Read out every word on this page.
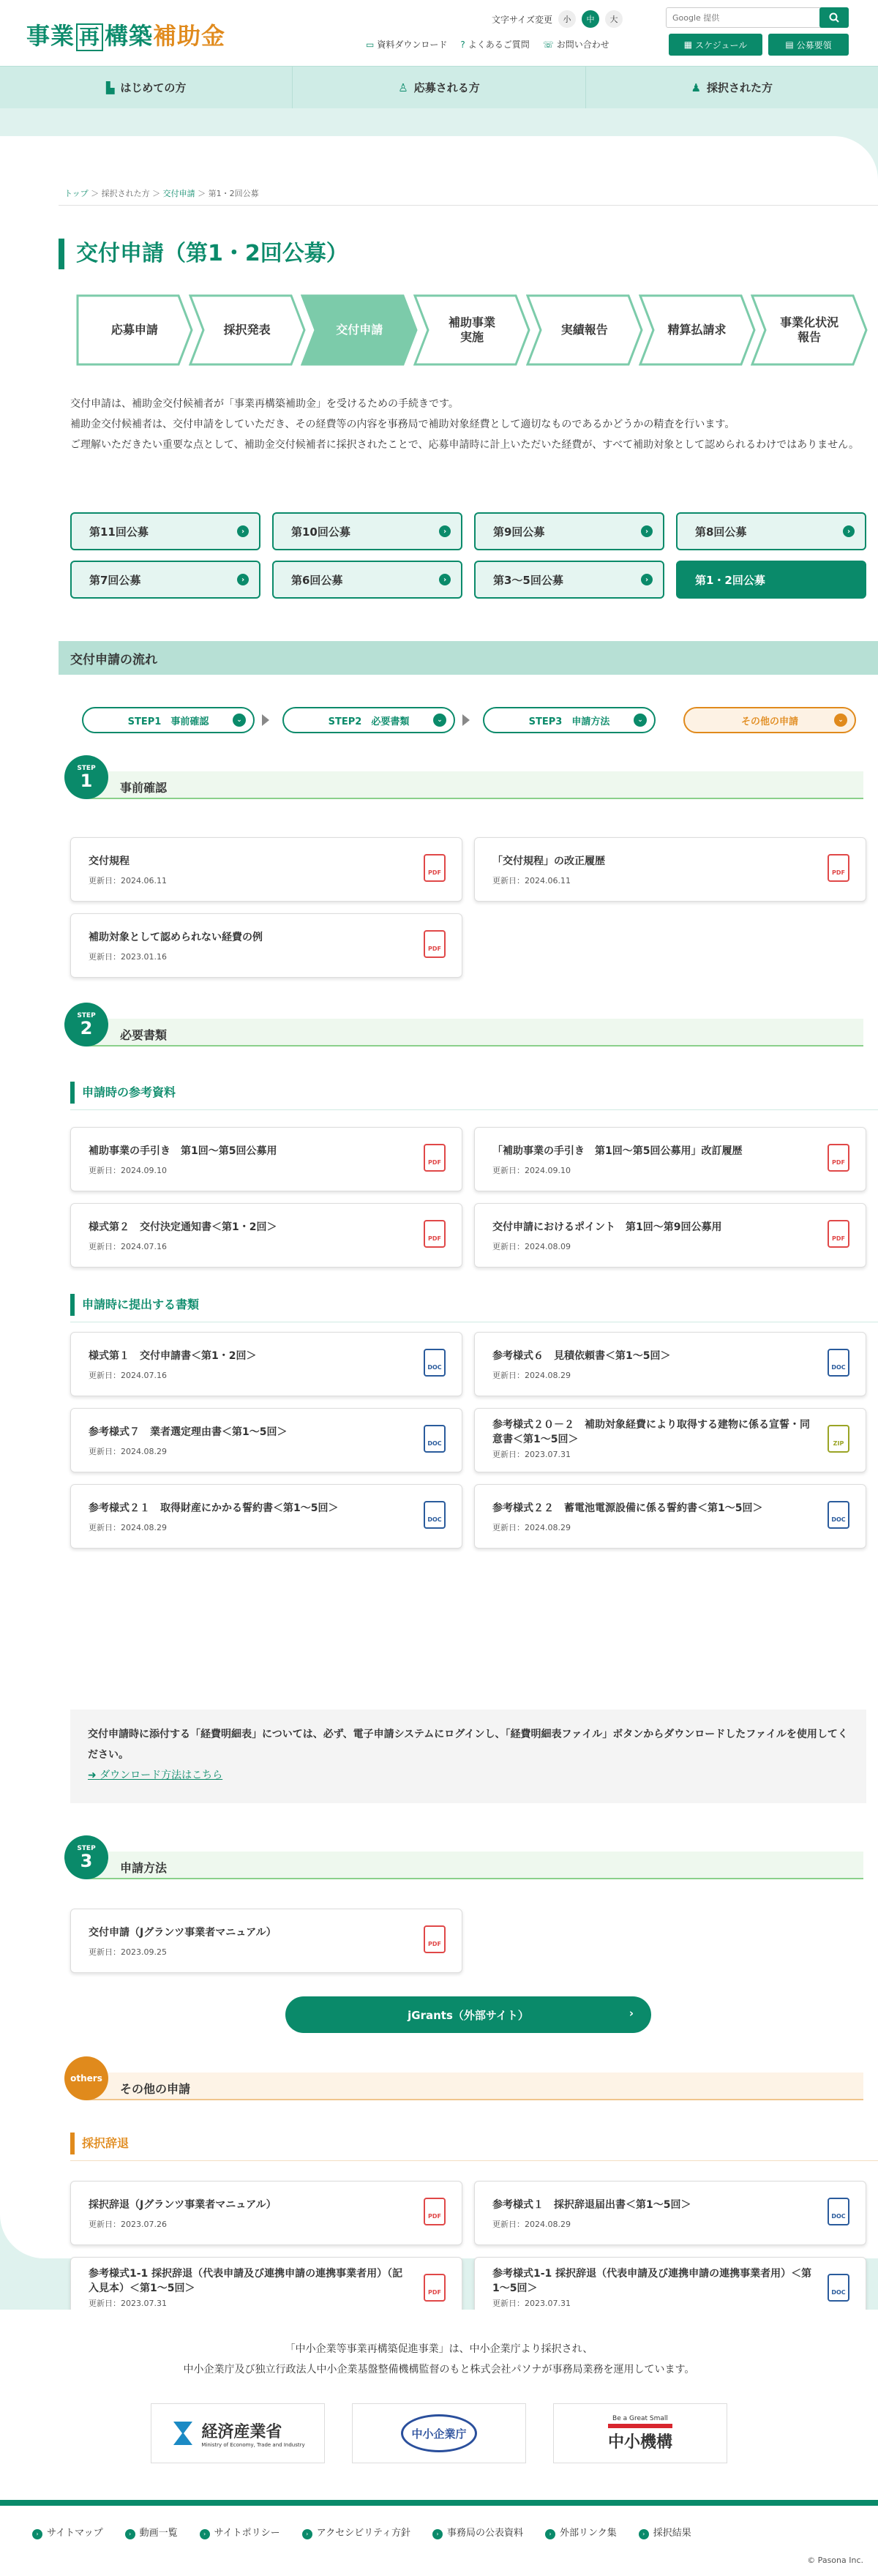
事業 再 構築補助金
文字サイズ変更	小	中	大
Google 提供
▭ 資料ダウンロード ? よくあるご質問 ☏ お問い合わせ	▦ スケジュール	▤ 公募要領
▙ はじめての方	♙ 応募される方	♟ 採択された方
トップ ＞ 採択された方 ＞ 交付申請 ＞ 第1・2回公募
交付申請（第1・2回公募）
応募申請	採択発表	交付申請
補助事業
実施
実績報告	精算払請求
事業化状況
報告

交付申請は、補助金交付候補者が「事業再構築補助金」を受けるための手続きです。

補助金交付候補者は、交付申請をしていただき、その経費等の内容を事務局で補助対象経費として適切なものであるかどうかの精査を行います。

ご理解いただきたい重要な点として、補助金交付候補者に採択されたことで、応募申請時に計上いただいた経費が、すべて補助対象として認められるわけではありません。

第11回公募	›	第10回公募	›	第9回公募	›	第8回公募	›
第7回公募	›	第6回公募	›	第3〜5回公募	›	第1・2回公募
交付申請の流れ
STEP1　事前確認	⌄	STEP2　必要書類	⌄	STEP3　申請方法	⌄	その他の申請	⌄
STEP
1 事前確認
交付規程
更新日：2024.06.11
PDF
「交付規程」の改正履歴
更新日：2024.06.11
PDF
補助対象として認められない経費の例
更新日：2023.01.16
PDF
STEP
2 必要書類
申請時の参考資料
補助事業の手引き　第1回〜第5回公募用
更新日：2024.09.10
PDF
「補助事業の手引き　第1回〜第5回公募用」改訂履歴
更新日：2024.09.10
PDF
様式第２　交付決定通知書＜第1・2回＞
更新日：2024.07.16
PDF
交付申請におけるポイント　第1回〜第9回公募用
更新日：2024.08.09
PDF
申請時に提出する書類
様式第１　交付申請書＜第1・2回＞
更新日：2024.07.16
DOC
参考様式６　見積依頼書＜第1〜5回＞
更新日：2024.08.29
DOC
参考様式７　業者選定理由書＜第1〜5回＞
更新日：2024.08.29
DOC
参考様式２０－２　補助対象経費により取得する建物に係る宣誓・同意書＜第1〜5回＞
更新日：2023.07.31
ZIP
参考様式２１　取得財産にかかる誓約書＜第1〜5回＞
更新日：2024.08.29
DOC
参考様式２２　蓄電池電源設備に係る誓約書＜第1〜5回＞
更新日：2024.08.29
DOC

交付申請時に添付する「経費明細表」については、必ず、電子申請システムにログインし、「経費明細表ファイル」ボタンからダウンロードしたファイルを使用してください。

➜ ダウンロード方法はこちら
STEP
3 申請方法
交付申請（Jグランツ事業者マニュアル）
更新日：2023.09.25
PDF
jGrants（外部サイト）	›
others
その他の申請
採択辞退
採択辞退（Jグランツ事業者マニュアル）
更新日：2023.07.26
PDF
参考様式１　採択辞退届出書＜第1〜5回＞
更新日：2024.08.29
DOC
参考様式1-1 採択辞退（代表申請及び連携申請の連携事業者用）（記入見本）＜第1〜5回＞
更新日：2023.07.31
PDF
参考様式1-1 採択辞退（代表申請及び連携申請の連携事業者用）＜第1〜5回＞
更新日：2023.07.31
DOC

「中小企業等事業再構築促進事業」は、中小企業庁より採択され、

中小企業庁及び独立行政法人中小企業基盤整備機構監督のもと株式会社パソナが事務局業務を運用しています。

経済産業省
Ministry of Economy, Trade and Industry
中小企業庁
Be a Great Small
中小機構
› サイトマップ	› 動画一覧	› サイトポリシー	› アクセシビリティ方針	› 事務局の公表資料	› 外部リンク集	› 採択結果
© Pasona Inc.
